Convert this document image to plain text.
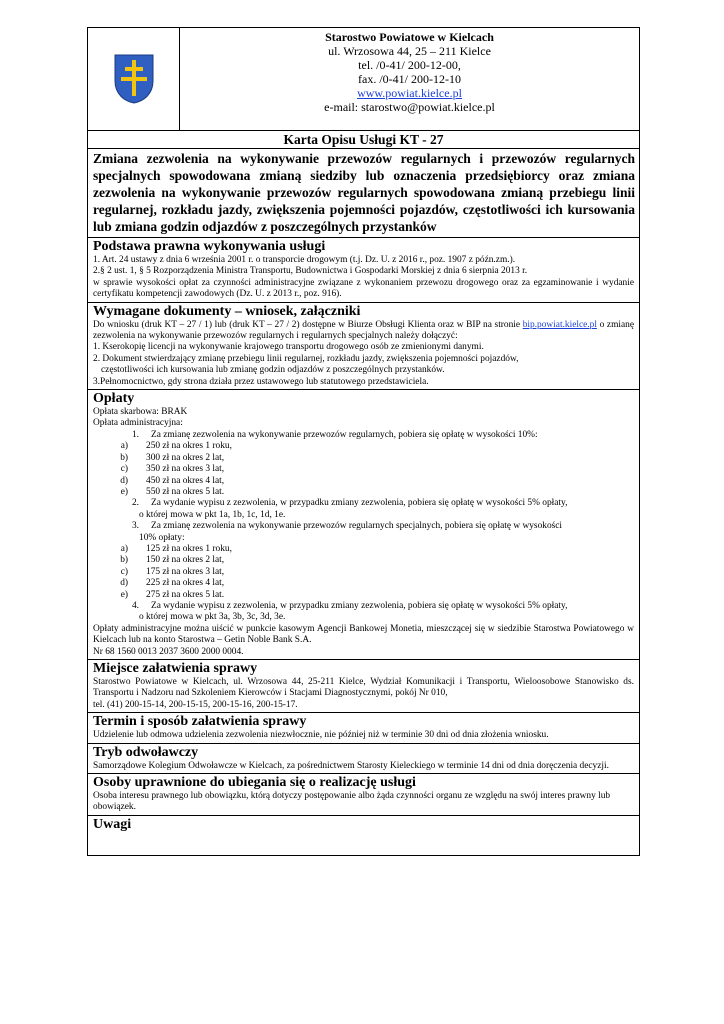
Starostwo Powiatowe w Kielcach
ul. Wrzosowa 44, 25 – 211 Kielce
tel. /0-41/ 200-12-00,
fax. /0-41/ 200-12-10
www.powiat.kielce.pl
e-mail: starostwo@powiat.kielce.pl
Karta Opisu Usługi KT - 27
Zmiana zezwolenia na wykonywanie przewozów regularnych i przewozów regularnych specjalnych spowodowana zmianą siedziby lub oznaczenia przedsiębiorcy oraz zmiana zezwolenia na wykonywanie przewozów regularnych spowodowana zmianą przebiegu linii regularnej, rozkładu jazdy, zwiększenia pojemności pojazdów, częstotliwości ich kursowania lub zmiana godzin odjazdów z poszczególnych przystanków
Podstawa prawna wykonywania usługi

1. Art. 24 ustawy z dnia 6 września 2001 r. o transporcie drogowym (t.j. Dz. U. z 2016 r., poz. 1907 z późn.zm.).

2.§ 2 ust. 1, § 5 Rozporządzenia Ministra Transportu, Budownictwa i Gospodarki Morskiej z dnia 6 sierpnia 2013 r.

w sprawie wysokości opłat za czynności administracyjne związane z wykonaniem przewozu drogowego oraz za egzaminowanie i wydanie certyfikatu kompetencji zawodowych (Dz. U. z 2013 r., poz. 916).

Wymagane dokumenty – wniosek, załączniki

Do wniosku (druk KT – 27 / 1) lub (druk KT – 27 / 2) dostępne w Biurze Obsługi Klienta oraz w BIP na stronie bip.powiat.kielce.pl o zmianę zezwolenia na wykonywanie przewozów regularnych i regularnych specjalnych należy dołączyć:

1. Kserokopię licencji na wykonywanie krajowego transportu drogowego osób ze zmienionymi danymi.

2. Dokument stwierdzający zmianę przebiegu linii regularnej, rozkładu jazdy, zwiększenia pojemności pojazdów,

częstotliwości ich kursowania lub zmianę godzin odjazdów z poszczególnych przystanków.

3.Pełnomocnictwo, gdy strona działa przez ustawowego lub statutowego przedstawiciela.

Opłaty

Opłata skarbowa: BRAK

Opłata administracyjna:

1.	Za zmianę zezwolenia na wykonywanie przewozów regularnych, pobiera się opłatę w wysokości 10%:
a)	250 zł na okres 1 roku,
b)	300 zł na okres 2 lat,
c)	350 zł na okres 3 lat,
d)	450 zł na okres 4 lat,
e)	550 zł na okres 5 lat.
2.	Za wydanie wypisu z zezwolenia, w przypadku zmiany zezwolenia, pobiera się opłatę w wysokości 5% opłaty,
o której mowa w pkt 1a, 1b, 1c, 1d, 1e.
3.	Za zmianę zezwolenia na wykonywanie przewozów regularnych specjalnych, pobiera się opłatę w wysokości
10% opłaty:
a)	125 zł na okres 1 roku,
b)	150 zł na okres 2 lat,
c)	175 zł na okres 3 lat,
d)	225 zł na okres 4 lat,
e)	275 zł na okres 5 lat.
4.	Za wydanie wypisu z zezwolenia, w przypadku zmiany zezwolenia, pobiera się opłatę w wysokości 5% opłaty,
o której mowa w pkt 3a, 3b, 3c, 3d, 3e.

Opłaty administracyjne można uiścić w punkcie kasowym Agencji Bankowej Monetia, mieszczącej się w siedzibie Starostwa Powiatowego w Kielcach lub na konto Starostwa – Getin Noble Bank S.A.

Nr 68 1560 0013 2037 3600 2000 0004.

Miejsce załatwienia sprawy

Starostwo Powiatowe w Kielcach, ul. Wrzosowa 44, 25-211 Kielce, Wydział Komunikacji i Transportu, Wieloosobowe Stanowisko ds. Transportu i Nadzoru nad Szkoleniem Kierowców i Stacjami Diagnostycznymi, pokój Nr 010,

tel. (41) 200-15-14, 200-15-15, 200-15-16, 200-15-17.

Termin i sposób załatwienia sprawy

Udzielenie lub odmowa udzielenia zezwolenia niezwłocznie, nie później niż w terminie 30 dni od dnia złożenia wniosku.

Tryb odwoławczy

Samorządowe Kolegium Odwoławcze w Kielcach, za pośrednictwem Starosty Kieleckiego w terminie 14 dni od dnia doręczenia decyzji.

Osoby uprawnione do ubiegania się o realizację usługi

Osoba interesu prawnego lub obowiązku, którą dotyczy postępowanie albo żąda czynności organu ze względu na swój interes prawny lub obowiązek.

Uwagi
